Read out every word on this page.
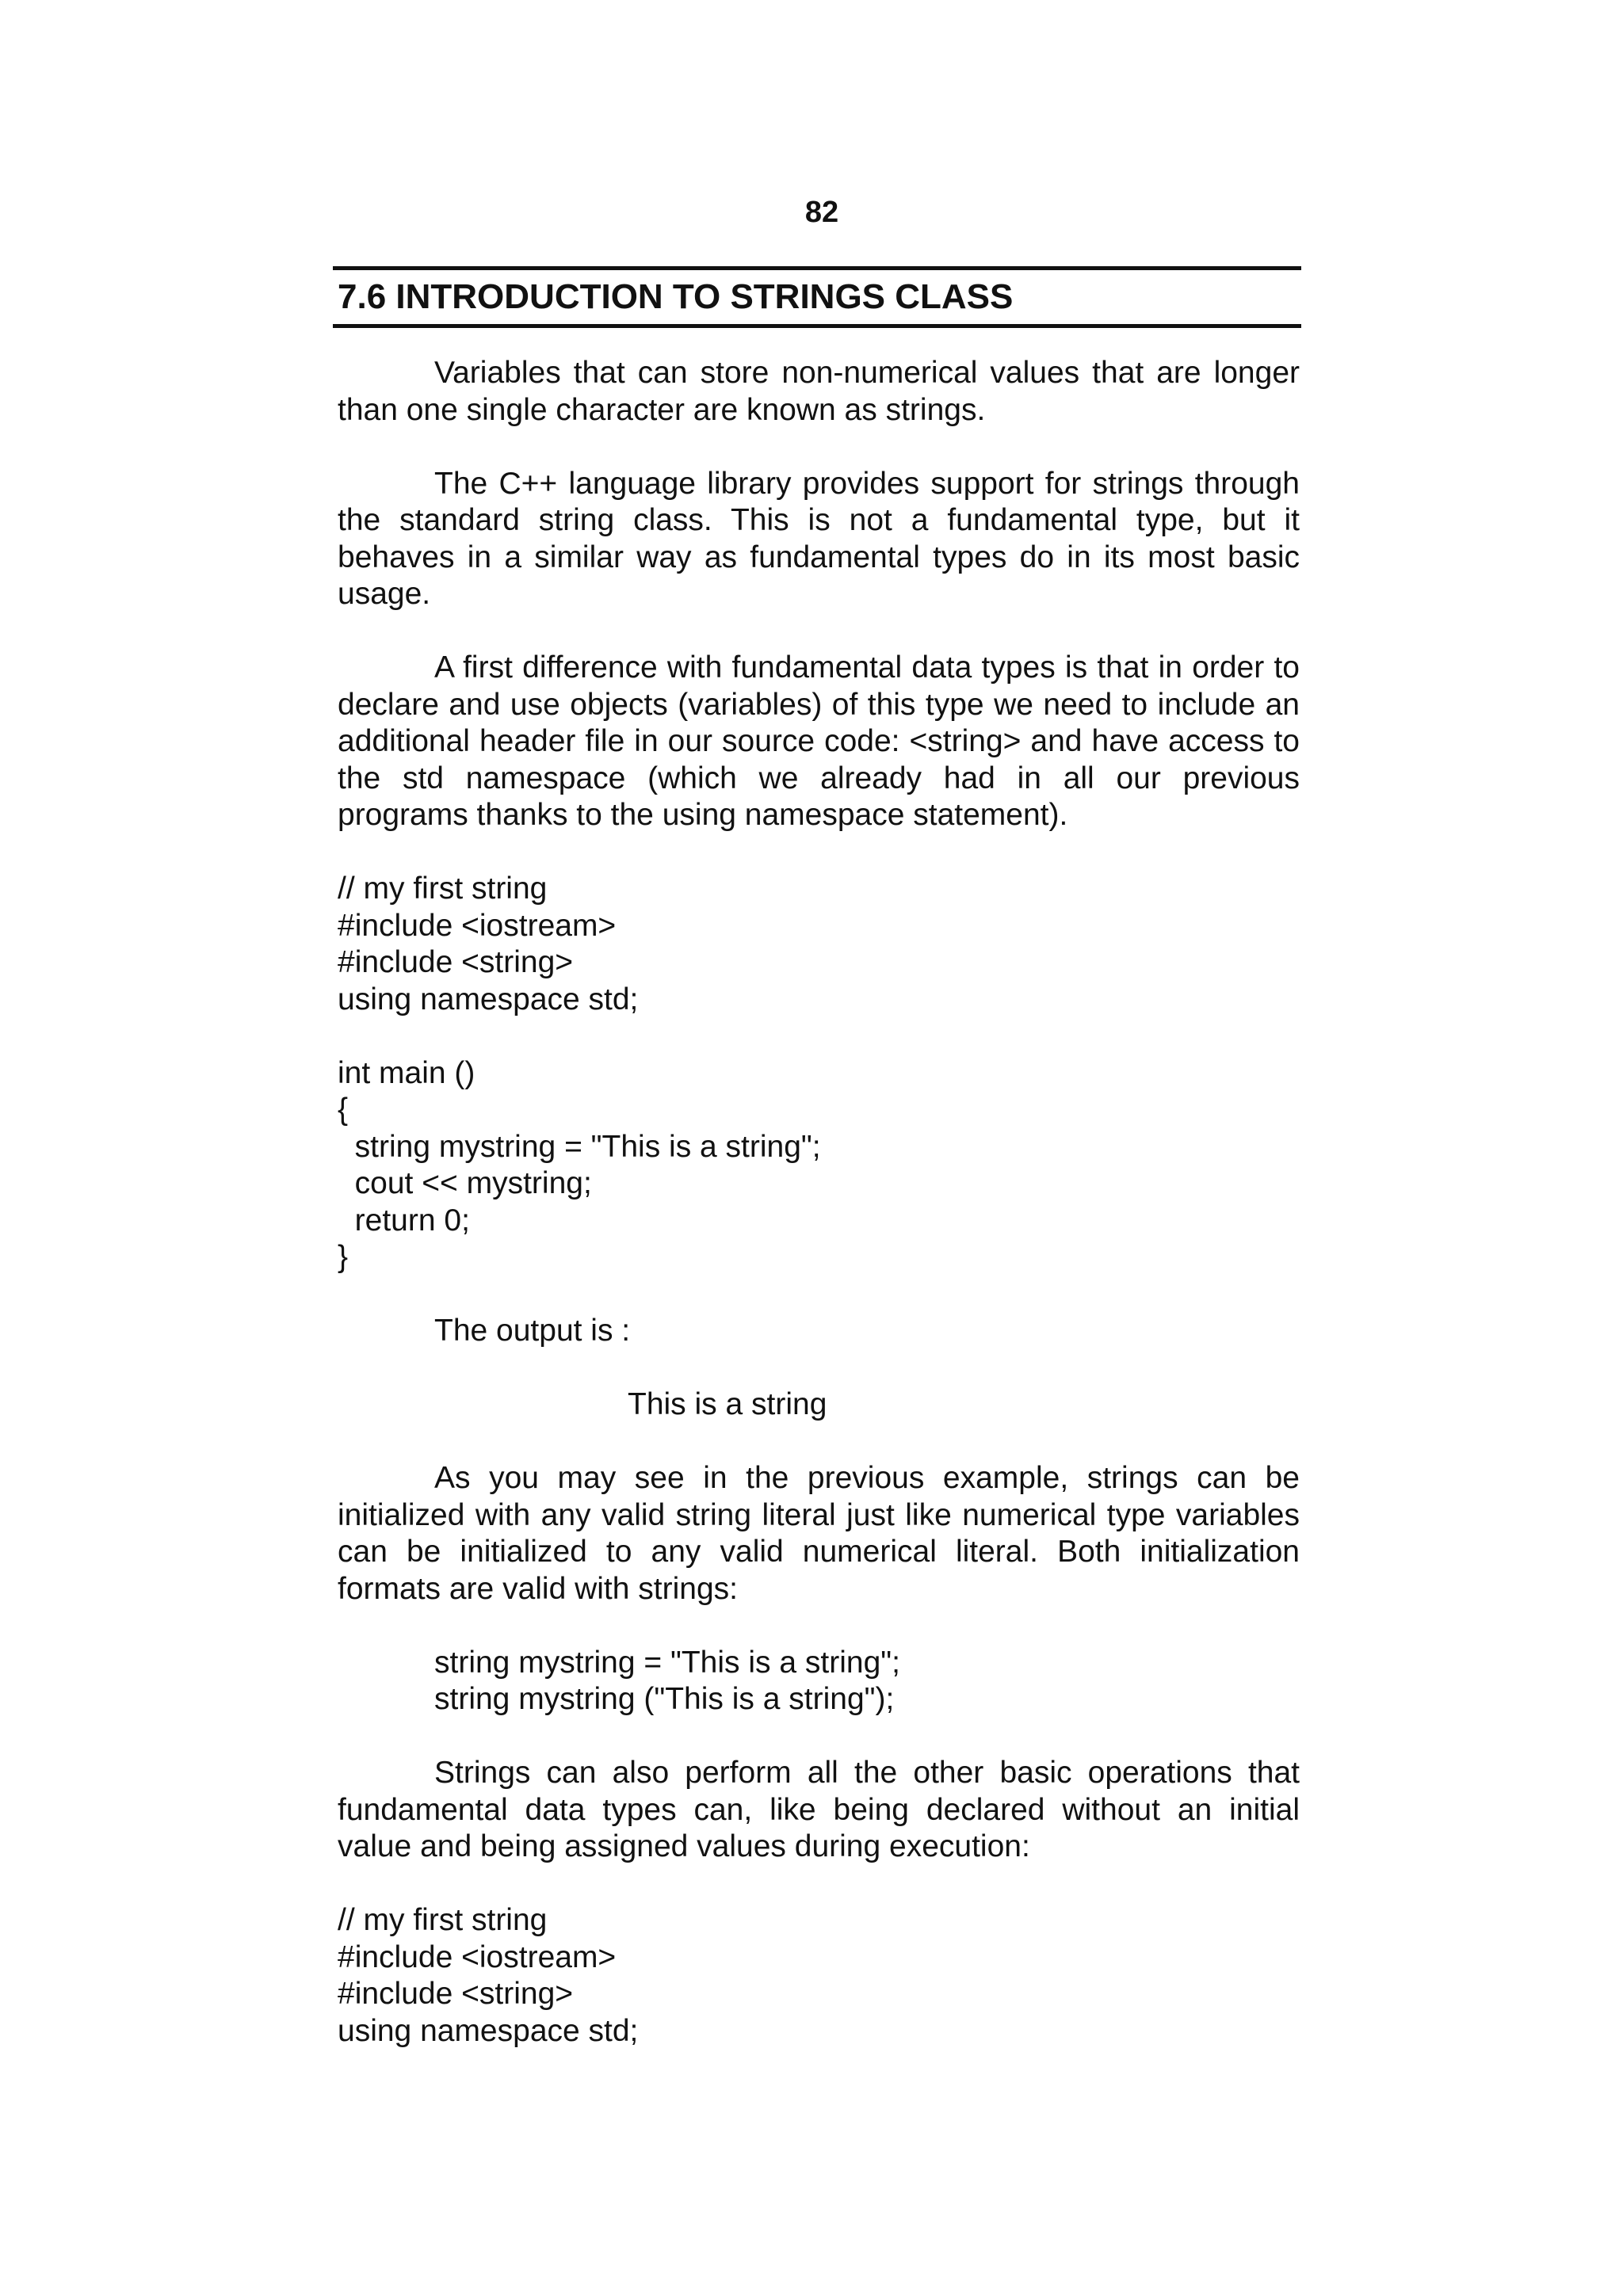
82
7.6 INTRODUCTION TO STRINGS CLASS

Variables that can store non-numerical values that are longer than one single character are known as strings.

The C++ language library provides support for strings through the standard string class. This is not a fundamental type, but it behaves in a similar way as fundamental types do in its most basic usage.

A first difference with fundamental data types is that in order to declare and use objects (variables) of this type we need to include an additional header file in our source code: <string> and have access to the std namespace (which we already had in all our previous programs thanks to the using namespace statement).

// my first string
#include <iostream>
#include <string>
using namespace std;
int main ()
{
string mystring = "This is a string";
cout << mystring;
return 0;
}
The output is :
This is a string

As you may see in the previous example, strings can be initialized with any valid string literal just like numerical type variables can be initialized to any valid numerical literal. Both initialization formats are valid with strings:

string mystring = "This is a string";
string mystring ("This is a string");

Strings can also perform all the other basic operations that fundamental data types can, like being declared without an initial value and being assigned values during execution:

// my first string
#include <iostream>
#include <string>
using namespace std;
